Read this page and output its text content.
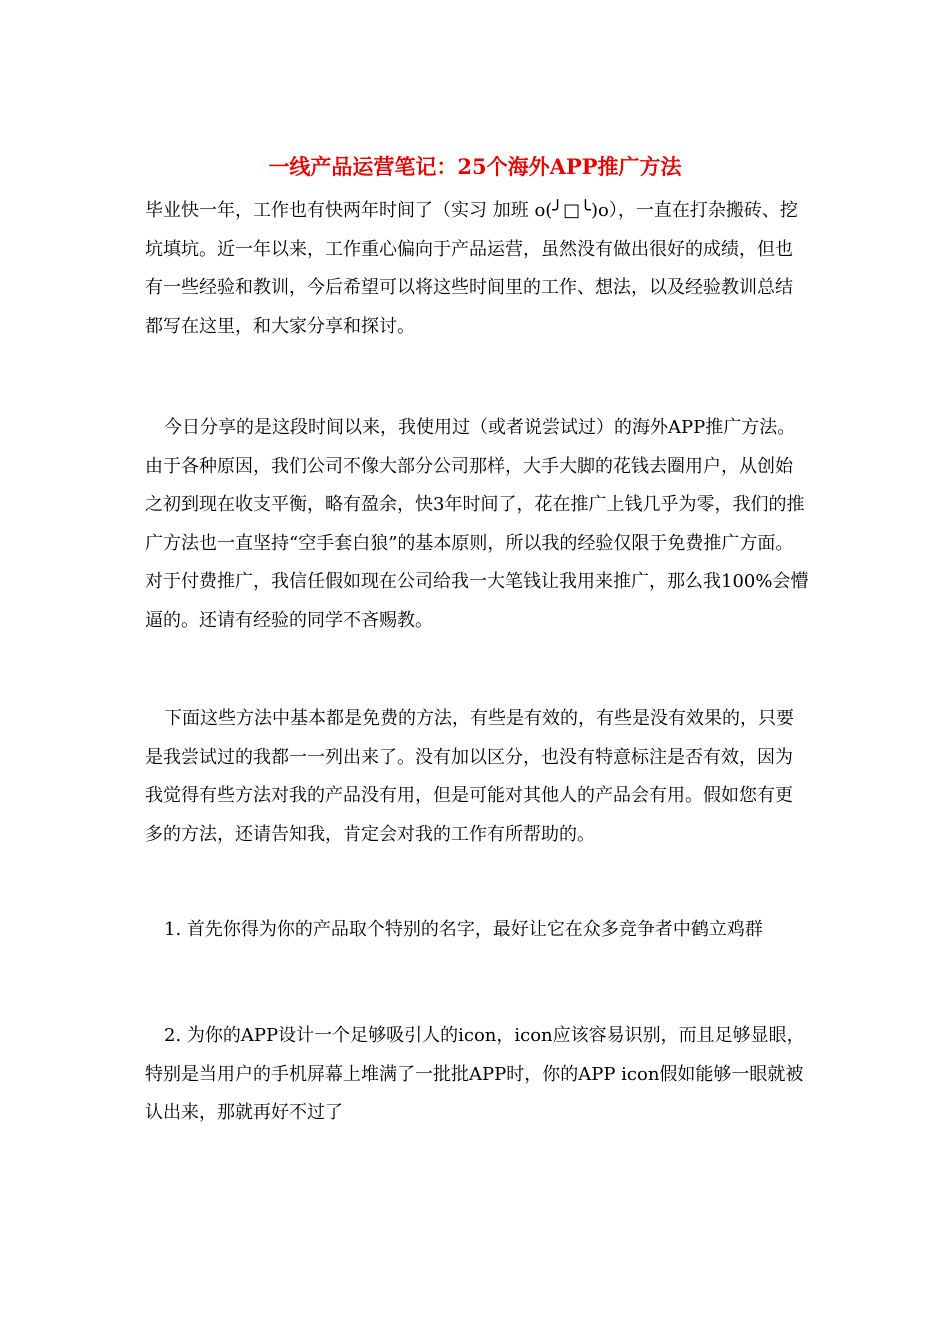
一线产品运营笔记：25个海外APP推广方法

毕业快一年，工作也有快两年时间了（实习 加班 o(╯□╰)o），一直在打杂搬砖、挖坑填坑。近一年以来，工作重心偏向于产品运营，虽然没有做出很好的成绩，但也有一些经验和教训，今后希望可以将这些时间里的工作、想法，以及经验教训总结都写在这里，和大家分享和探讨。

今日分享的是这段时间以来，我使用过（或者说尝试过）的海外APP推广方法。由于各种原因，我们公司不像大部分公司那样，大手大脚的花钱去圈用户，从创始之初到现在收支平衡，略有盈余，快3年时间了，花在推广上钱几乎为零，我们的推广方法也一直坚持“空手套白狼”的基本原则，所以我的经验仅限于免费推广方面。对于付费推广，我信任假如现在公司给我一大笔钱让我用来推广，那么我100%会懵逼的。还请有经验的同学不吝赐教。

下面这些方法中基本都是免费的方法，有些是有效的，有些是没有效果的，只要是我尝试过的我都一一列出来了。没有加以区分，也没有特意标注是否有效，因为我觉得有些方法对我的产品没有用，但是可能对其他人的产品会有用。假如您有更多的方法，还请告知我，肯定会对我的工作有所帮助的。

1. 首先你得为你的产品取个特别的名字，最好让它在众多竞争者中鹤立鸡群

2. 为你的APP设计一个足够吸引人的icon，icon应该容易识别，而且足够显眼，特别是当用户的手机屏幕上堆满了一批批APP时，你的APP icon假如能够一眼就被认出来，那就再好不过了
